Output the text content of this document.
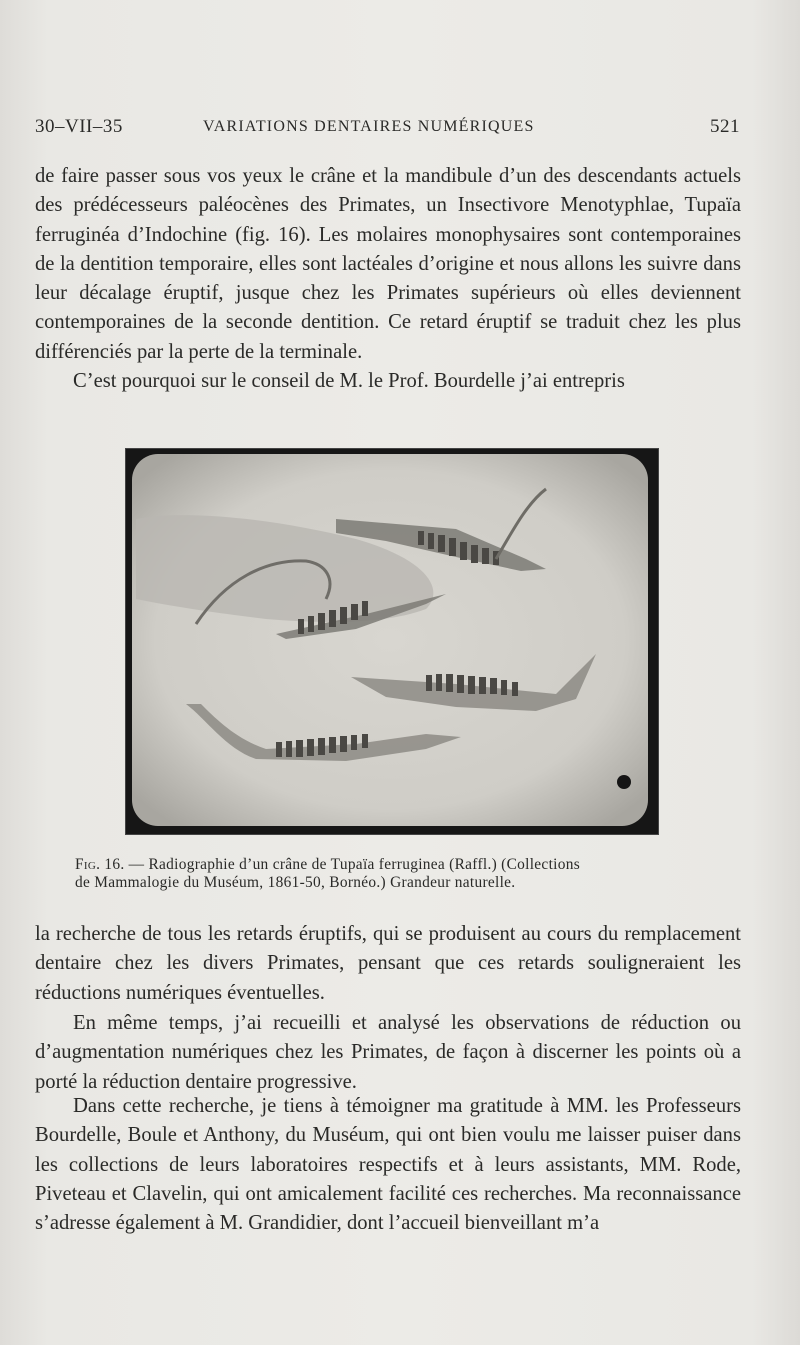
30–VII–35	VARIATIONS DENTAIRES NUMÉRIQUES	521
de faire passer sous vos yeux le crâne et la mandibule d’un des descendants actuels des prédécesseurs paléocènes des Primates, un Insectivore Menotyphlae, Tupaïa ferruginéa d’Indochine (fig. 16). Les molaires monophysaires sont contemporaines de la dentition temporaire, elles sont lactéales d’origine et nous allons les suivre dans leur décalage éruptif, jusque chez les Primates supérieurs où elles deviennent contemporaines de la seconde dentition. Ce retard éruptif se traduit chez les plus différenciés par la perte de la terminale.
C’est pourquoi sur le conseil de M. le Prof. Bourdelle j’ai entrepris
Fig. 16. — Radiographie d’un crâne de Tupaïa ferruginea (Raffl.) (Collections
de Mammalogie du Muséum, 1861-50, Bornéo.) Grandeur naturelle.
la recherche de tous les retards éruptifs, qui se produisent au cours du remplacement dentaire chez les divers Primates, pensant que ces retards souligneraient les réductions numériques éventuelles.
En même temps, j’ai recueilli et analysé les observations de réduction ou d’augmentation numériques chez les Primates, de façon à discerner les points où a porté la réduction dentaire progressive.
Dans cette recherche, je tiens à témoigner ma gratitude à MM. les Professeurs Bourdelle, Boule et Anthony, du Muséum, qui ont bien voulu me laisser puiser dans les collections de leurs laboratoires respectifs et à leurs assistants, MM. Rode, Piveteau et Clavelin, qui ont amicalement facilité ces recherches. Ma reconnaissance s’adresse également à M. Grandidier, dont l’accueil bienveillant m’a
